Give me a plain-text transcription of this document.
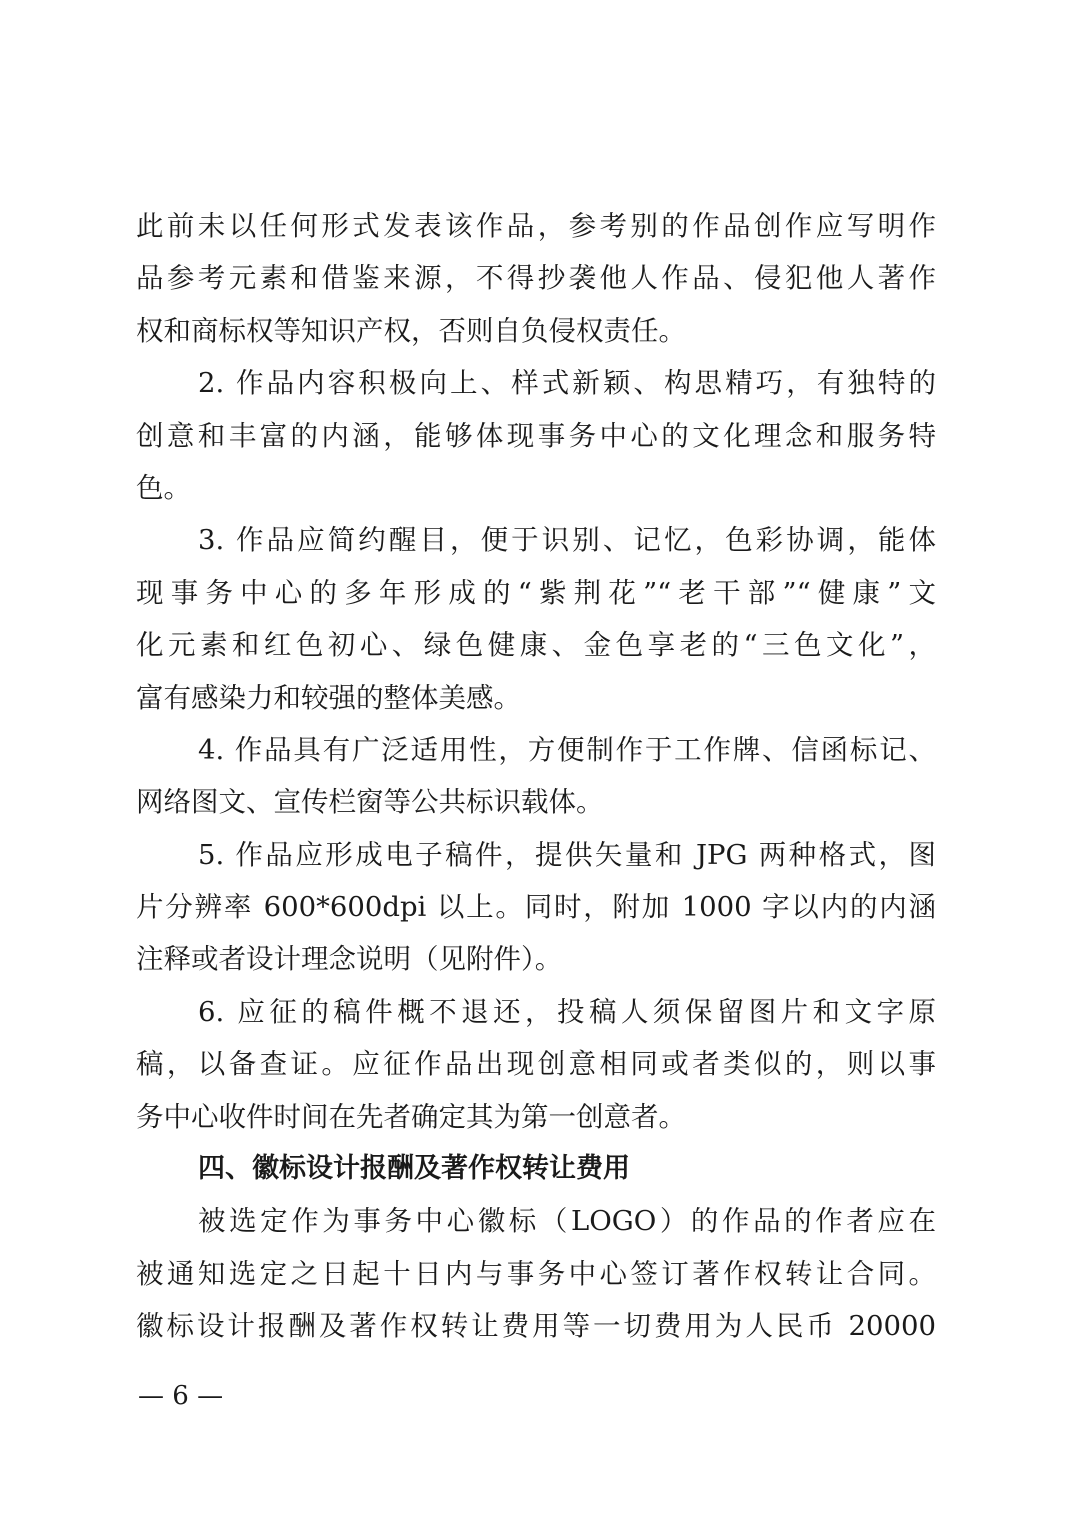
此前未以任何形式发表该作品，参考别的作品创作应写明作
品参考元素和借鉴来源，不得抄袭他人作品、侵犯他人著作
权和商标权等知识产权，否则自负侵权责任。
2. 作品内容积极向上、样式新颖、构思精巧，有独特的
创意和丰富的内涵，能够体现事务中心的文化理念和服务特
色。
3. 作品应简约醒目，便于识别、记忆，色彩协调，能体
现事务中心的多年形成的“紫荆花”“老干部”“健康”文
化元素和红色初心、绿色健康、金色享老的“三色文化”，
富有感染力和较强的整体美感。
4. 作品具有广泛适用性，方便制作于工作牌、信函标记、
网络图文、宣传栏窗等公共标识载体。
5. 作品应形成电子稿件，提供矢量和 JPG 两种格式，图
片分辨率 600*600dpi 以上。同时，附加 1000 字以内的内涵
注释或者设计理念说明（见附件）。
6. 应征的稿件概不退还，投稿人须保留图片和文字原
稿，以备查证。应征作品出现创意相同或者类似的，则以事
务中心收件时间在先者确定其为第一创意者。
四、徽标设计报酬及著作权转让费用
被选定作为事务中心徽标（LOGO）的作品的作者应在
被通知选定之日起十日内与事务中心签订著作权转让合同。
徽标设计报酬及著作权转让费用等一切费用为人民币 20000
— 6 —
